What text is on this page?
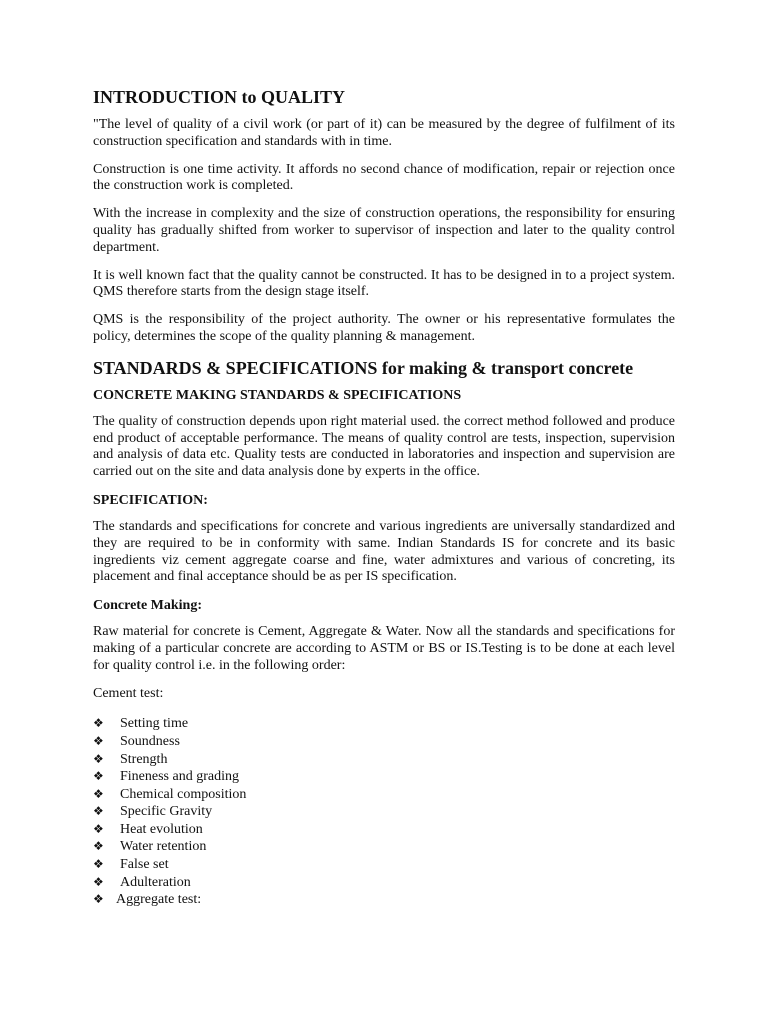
INTRODUCTION to QUALITY

"The level of quality of a civil work (or part of it) can be measured by the degree of fulfilment of its construction specification and standards with in time.

Construction is one time activity. It affords no second chance of modification, repair or rejection once the construction work is completed.

With the increase in complexity and the size of construction operations, the responsibility for ensuring quality has gradually shifted from worker to supervisor of inspection and later to the quality control department.

It is well known fact that the quality cannot be constructed. It has to be designed in to a project system. QMS therefore starts from the design stage itself.

QMS is the responsibility of the project authority. The owner or his representative formulates the policy, determines the scope of the quality planning & management.

STANDARDS & SPECIFICATIONS for making & transport concrete
CONCRETE MAKING STANDARDS & SPECIFICATIONS

The quality of construction depends upon right material used. the correct method followed and produce end product of acceptable performance. The means of quality control are tests, inspection, supervision and analysis of data etc. Quality tests are conducted in laboratories and inspection and supervision are carried out on the site and data analysis done by experts in the office.

SPECIFICATION:

The standards and specifications for concrete and various ingredients are universally standardized and they are required to be in conformity with same. Indian Standards IS for concrete and its basic ingredients viz cement aggregate coarse and fine, water admixtures and various of concreting, its placement and final acceptance should be as per IS specification.

Concrete Making:

Raw material for concrete is Cement, Aggregate & Water. Now all the standards and specifications for making of a particular concrete are according to ASTM or BS or IS.Testing is to be done at each level for quality control i.e. in the following order:

Cement test:

❖	Setting time
❖	Soundness
❖	Strength
❖	Fineness and grading
❖	Chemical composition
❖	Specific Gravity
❖	Heat evolution
❖	Water retention
❖	False set
❖	Adulteration
❖ Aggregate test:
